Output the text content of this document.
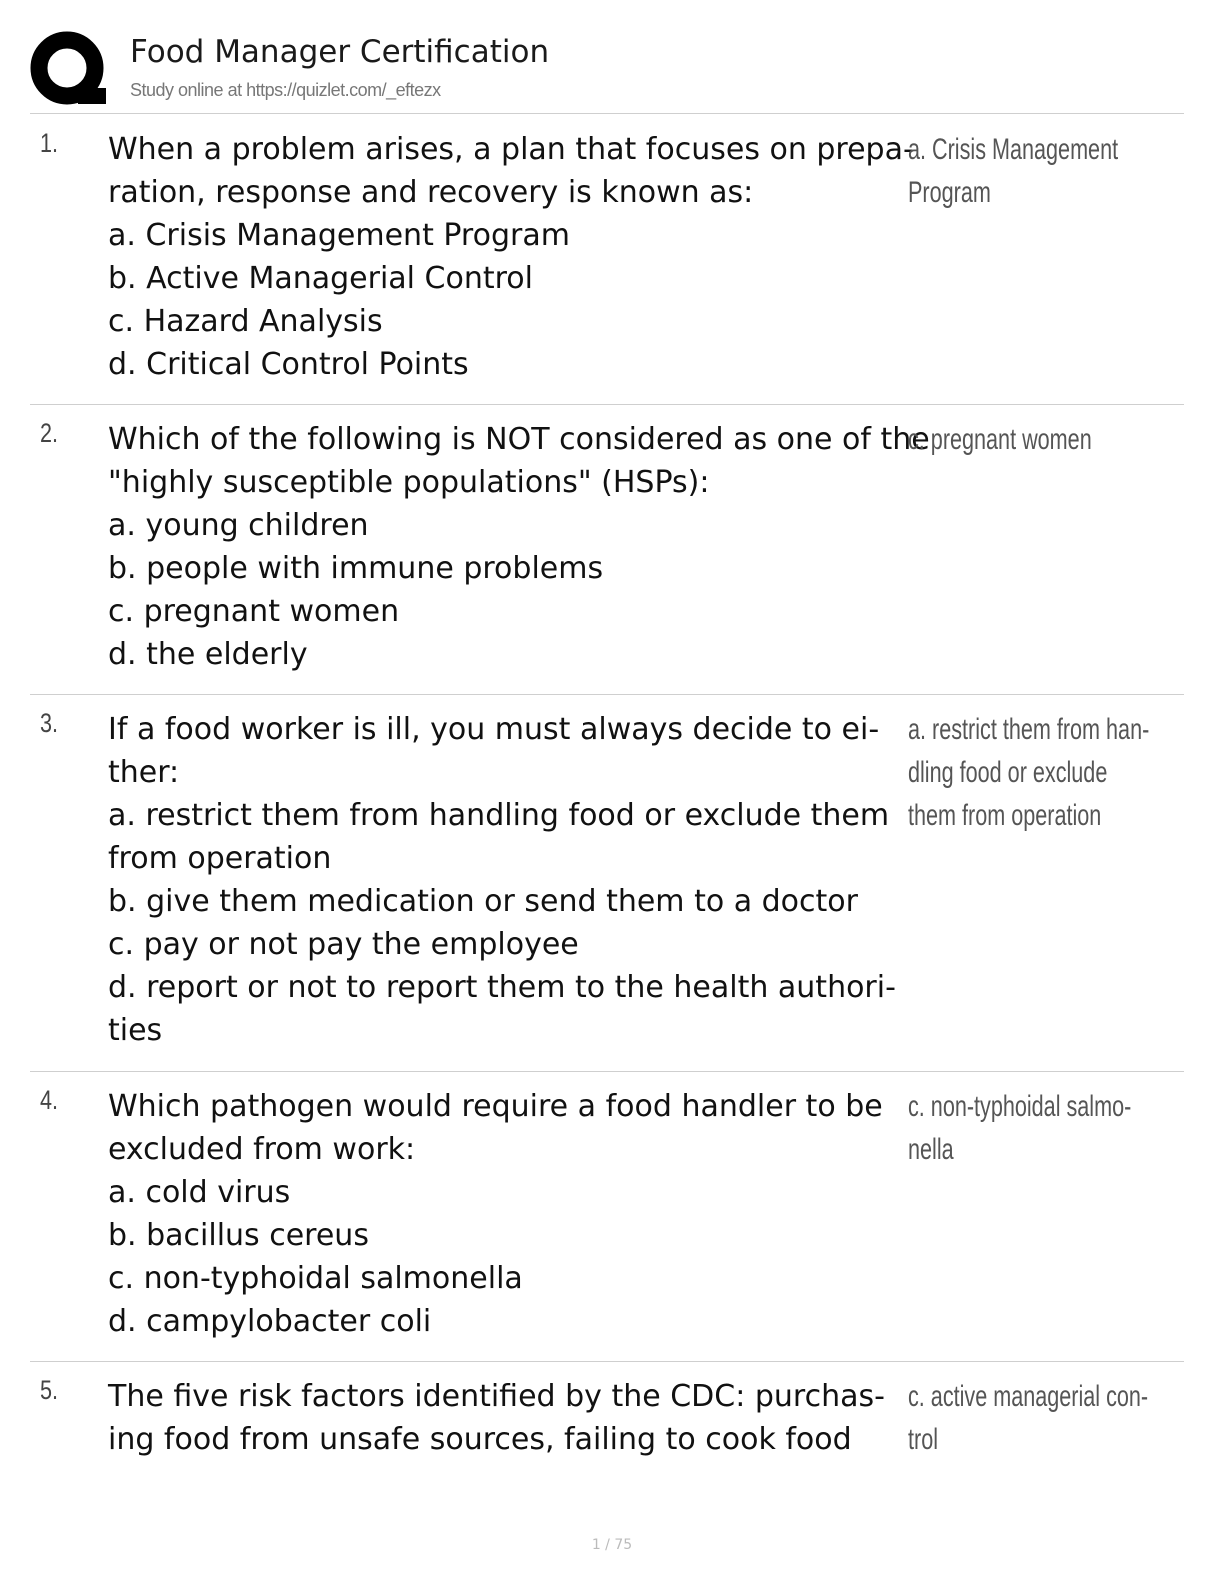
Food Manager Certification
Study online at https://quizlet.com/_eftezx
1. When a problem arises, a plan that focuses on prepa-
ration, response and recovery is known as:
a. Crisis Management Program
b. Active Managerial Control
c. Hazard Analysis
d. Critical Control Points
a. Crisis Management
Program
2. Which of the following is NOT considered as one of the
"highly susceptible populations" (HSPs):
a. young children
b. people with immune problems
c. pregnant women
d. the elderly
c. pregnant women
3. If a food worker is ill, you must always decide to ei-
ther:
a. restrict them from handling food or exclude them
from operation
b. give them medication or send them to a doctor
c. pay or not pay the employee
d. report or not to report them to the health authori-
ties
a. restrict them from han-
dling food or exclude
them from operation
4. Which pathogen would require a food handler to be
excluded from work:
a. cold virus
b. bacillus cereus
c. non-typhoidal salmonella
d. campylobacter coli
c. non-typhoidal salmo-
nella
5. The five risk factors identified by the CDC: purchas-
ing food from unsafe sources, failing to cook food
c. active managerial con-
trol
1 / 75
